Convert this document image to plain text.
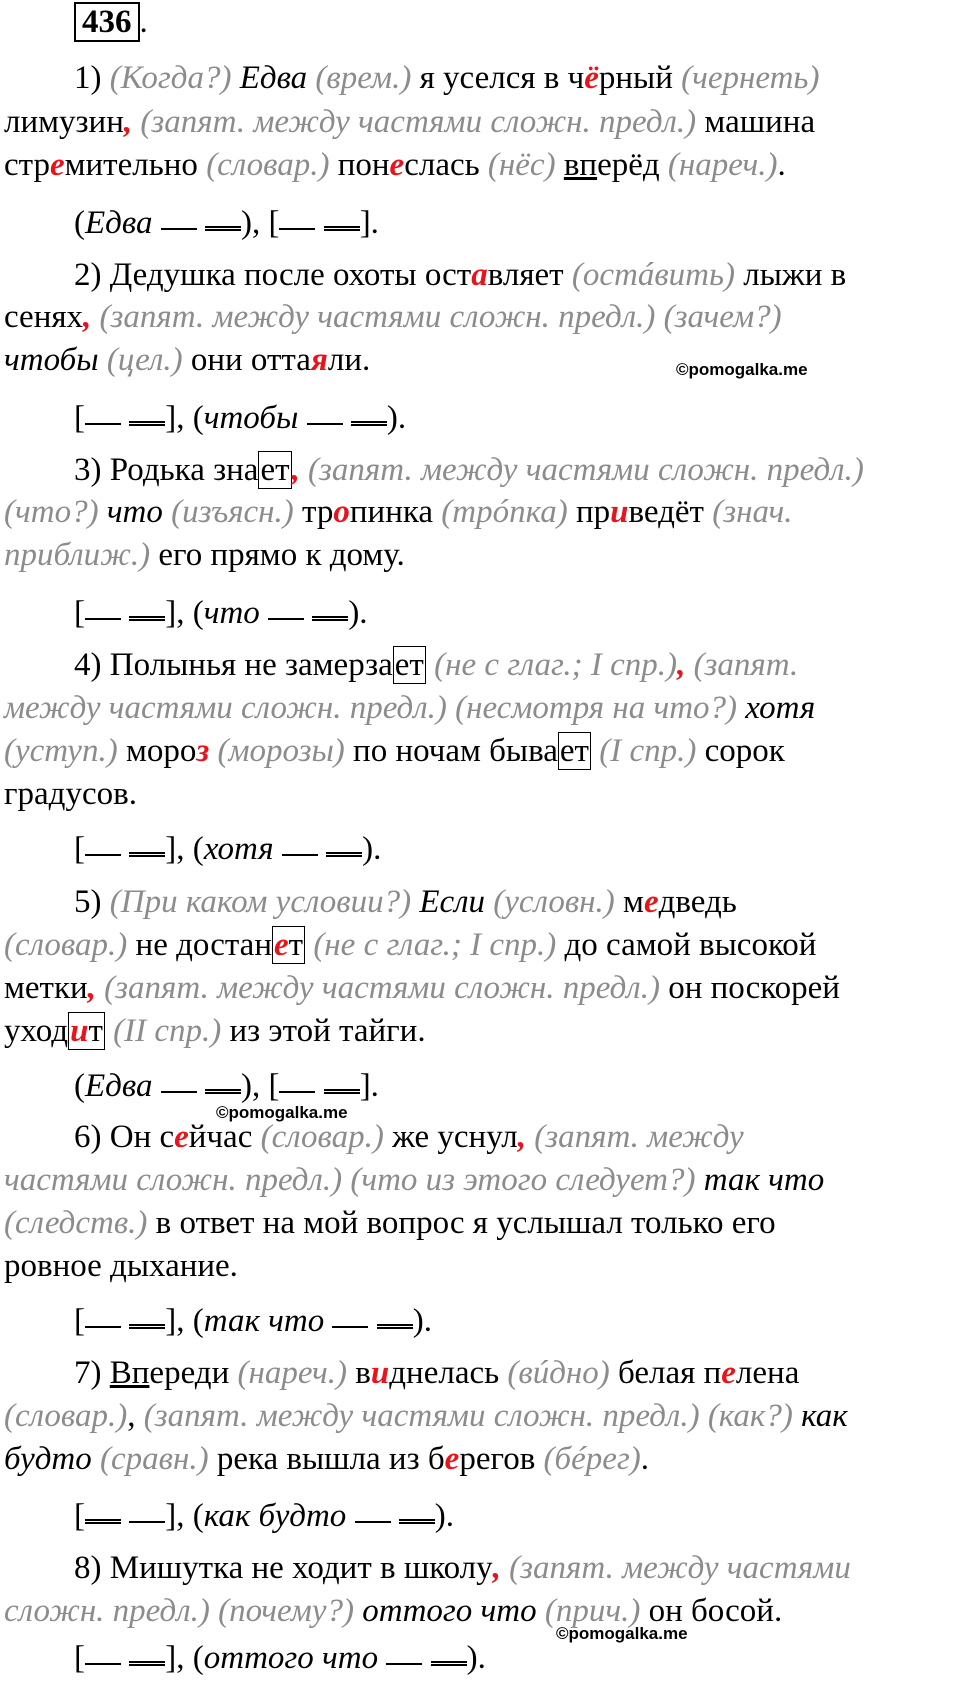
436 .
1) (Когда?) Едва (врем.) я уселся в чёрный (чернеть)
лимузин, (запят. между частями сложн. предл.) машина
стремительно (словар.) понеслась (нёс) вперёд (нареч.).
(Едва	), [ ].
2) Дедушка после охоты оставляет (остáвить) лыжи в
сенях, (запят. между частями сложн. предл.) (зачем?)
чтобы (цел.) они оттаяли.	©pomogalka.me
[ ], (чтобы	).
3) Родька знает, (запят. между частями сложн. предл.)
(что?) что (изъясн.) тропинка (трóпка) приведёт (знач.
приближ.) его прямо к дому.
[ ], (что	).
4) Полынья не замерзает (не с глаг.; I спр.), (запят.
между частями сложн. предл.) (несмотря на что?) хотя
(уступ.) мороз (морозы) по ночам бывает (I спр.) сорок
градусов.
[ ], (хотя	).
5) (При каком условии?) Если (условн.) медведь
(словар.) не достанет (не с глаг.; I спр.) до самой высокой
метки, (запят. между частями сложн. предл.) он поскорей
уходит (II спр.) из этой тайги.
(Едва	), [ ].
©pomogalka.me
6) Он сейчас (словар.) же уснул, (запят. между
частями сложн. предл.) (что из этого следует?) так что
(следств.) в ответ на мой вопрос я услышал только его
ровное дыхание.
[ ], (так что	).
7) Впереди (нареч.) виднелась (вúдно) белая пелена
(словар.), (запят. между частями сложн. предл.) (как?) как
будто (сравн.) река вышла из берегов (бéрег).
[ ], (как будто	).
8) Мишутка не ходит в школу, (запят. между частями
сложн. предл.) (почему?) оттого что (прич.) он босой.
©pomogalka.me
[ ], (оттого что	).
